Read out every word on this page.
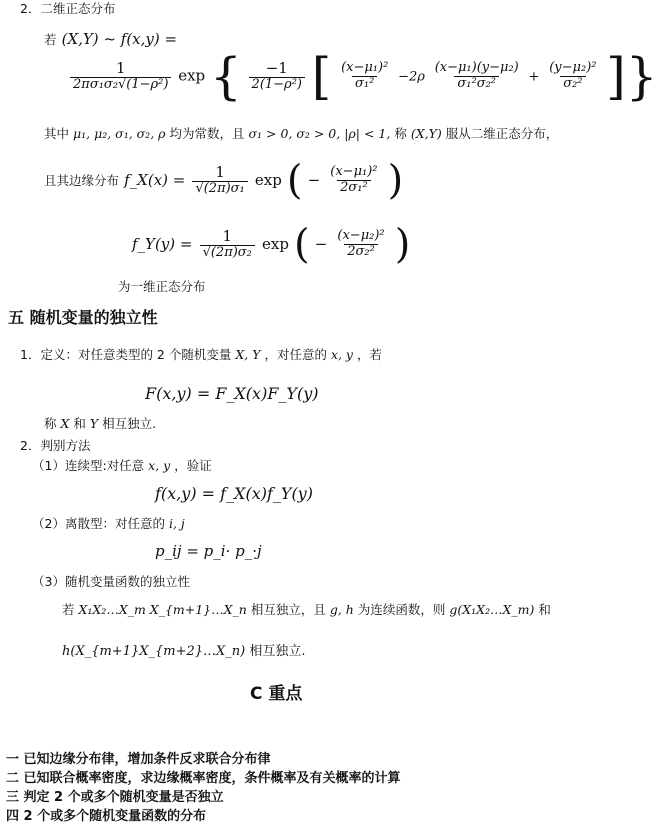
2．二维正态分布
若 (X,Y) ~ f(x,y) =
$\frac{1}{\text{2πσ₁σ₂√(1−ρ²)}}$ exp { $\frac{-1}{\text{2(1−ρ²)}}$ [ $\frac{\text{(x−μ₁)²}}{\text{σ₁²}} -2\rho \frac{\text{(x−μ₁)(y−μ₂)}}{\text{σ₁²σ₂²}} + \frac{\text{(y−μ₂)²}}{\text{σ₂²}}$ ]}
其中 μ₁, μ₂, σ₁, σ₂, ρ 均为常数，且 σ₁ > 0, σ₂ > 0, |ρ| < 1, 称 (X,Y) 服从二维正态分布，
且其边缘分布 f_X(x) = $\frac{1}{\text{√(2π)σ₁}}$ exp ( − $\frac{\text{(x−μ₁)²}}{\text{2σ₁²}}$ )
f_Y(y) = $\frac{1}{\text{√(2π)σ₂}}$ exp ( − $\frac{\text{(x−μ₂)²}}{\text{2σ₂²}}$ )
为一维正态分布
五 随机变量的独立性
1．定义：对任意类型的 2 个随机变量 X, Y ，对任意的 x, y ，若
F(x,y) = F_X(x)F_Y(y)
称 X 和 Y 相互独立.
2．判别方法
（1）连续型:对任意 x, y ，验证
f(x,y) = f_X(x)f_Y(y)
（2）离散型：对任意的 i, j
p_ij = p_i· p_·j
（3）随机变量函数的独立性
若 X₁X₂…X_m X_{m+1}…X_n 相互独立，且 g, h 为连续函数，则 g(X₁X₂…X_m) 和
h(X_{m+1}X_{m+2}…X_n) 相互独立.
C 重点
一 已知边缘分布律，增加条件反求联合分布律
二 已知联合概率密度，求边缘概率密度，条件概率及有关概率的计算
三 判定 2 个或多个随机变量是否独立
四 2 个或多个随机变量函数的分布
